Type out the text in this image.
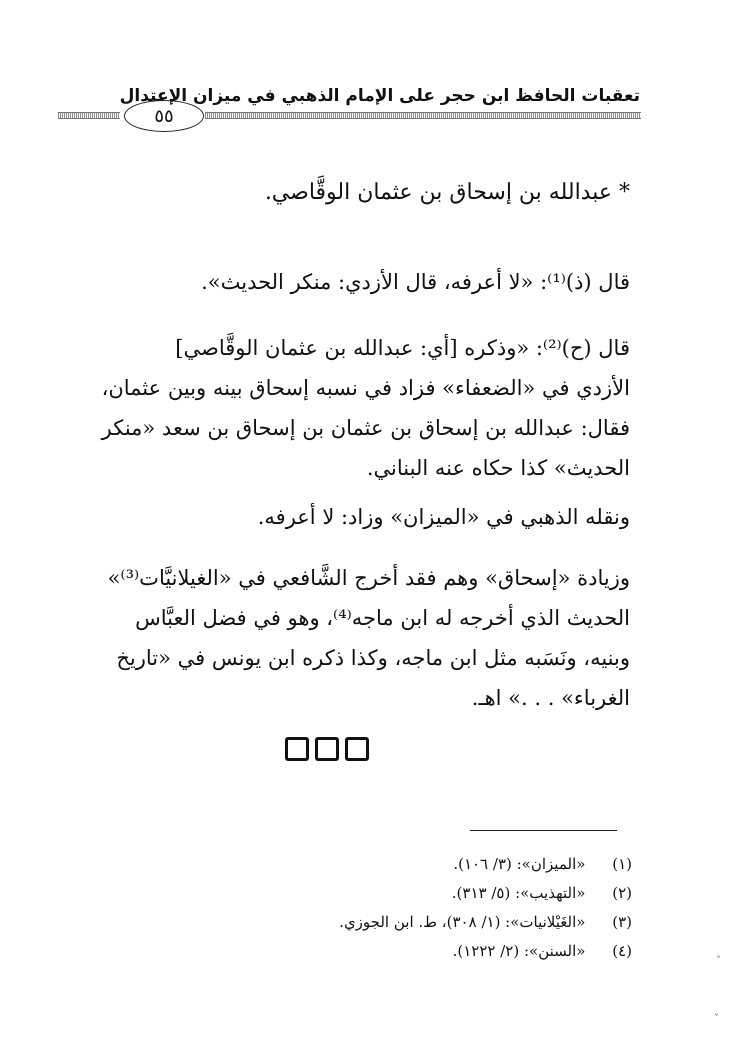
تعقبات الحافظ ابن حجر على الإمام الذهبي في ميزان الإعتدال
٥٥
* عبدالله بن إسحاق بن عثمان الوقَّاصي.
قال (ذ)⁽¹⁾: «لا أعرفه، قال الأزدي: منكر الحديث».
قال (ح)⁽²⁾: «وذكره [أي: عبدالله بن عثمان الوقَّاصي]
الأزدي في «الضعفاء» فزاد في نسبه إسحاق بينه وبين عثمان،
فقال: عبدالله بن إسحاق بن عثمان بن إسحاق بن سعد «منكر
الحديث» كذا حكاه عنه البناني.
ونقله الذهبي في «الميزان» وزاد: لا أعرفه.
وزيادة «إسحاق» وهم فقد أخرج الشَّافعي في «الغيلانيَّات⁽³⁾»
الحديث الذي أخرجه له ابن ماجه⁽⁴⁾، وهو في فضل العبَّاس
وبنيه، ونَسَبه مثل ابن ماجه، وكذا ذكره ابن يونس في «تاريخ
الغرباء» . . .» اهـ.
(١) «الميزان»: (٣/ ١٠٦).
(٢) «التهذيب»: (٥/ ٣١٣).
(٣) «الغَيْلانيات»: (١/ ٣٠٨)، ط. ابن الجوزي.
(٤) «السنن»: (٢/ ١٢٢٢).
ˇ
ˇ
